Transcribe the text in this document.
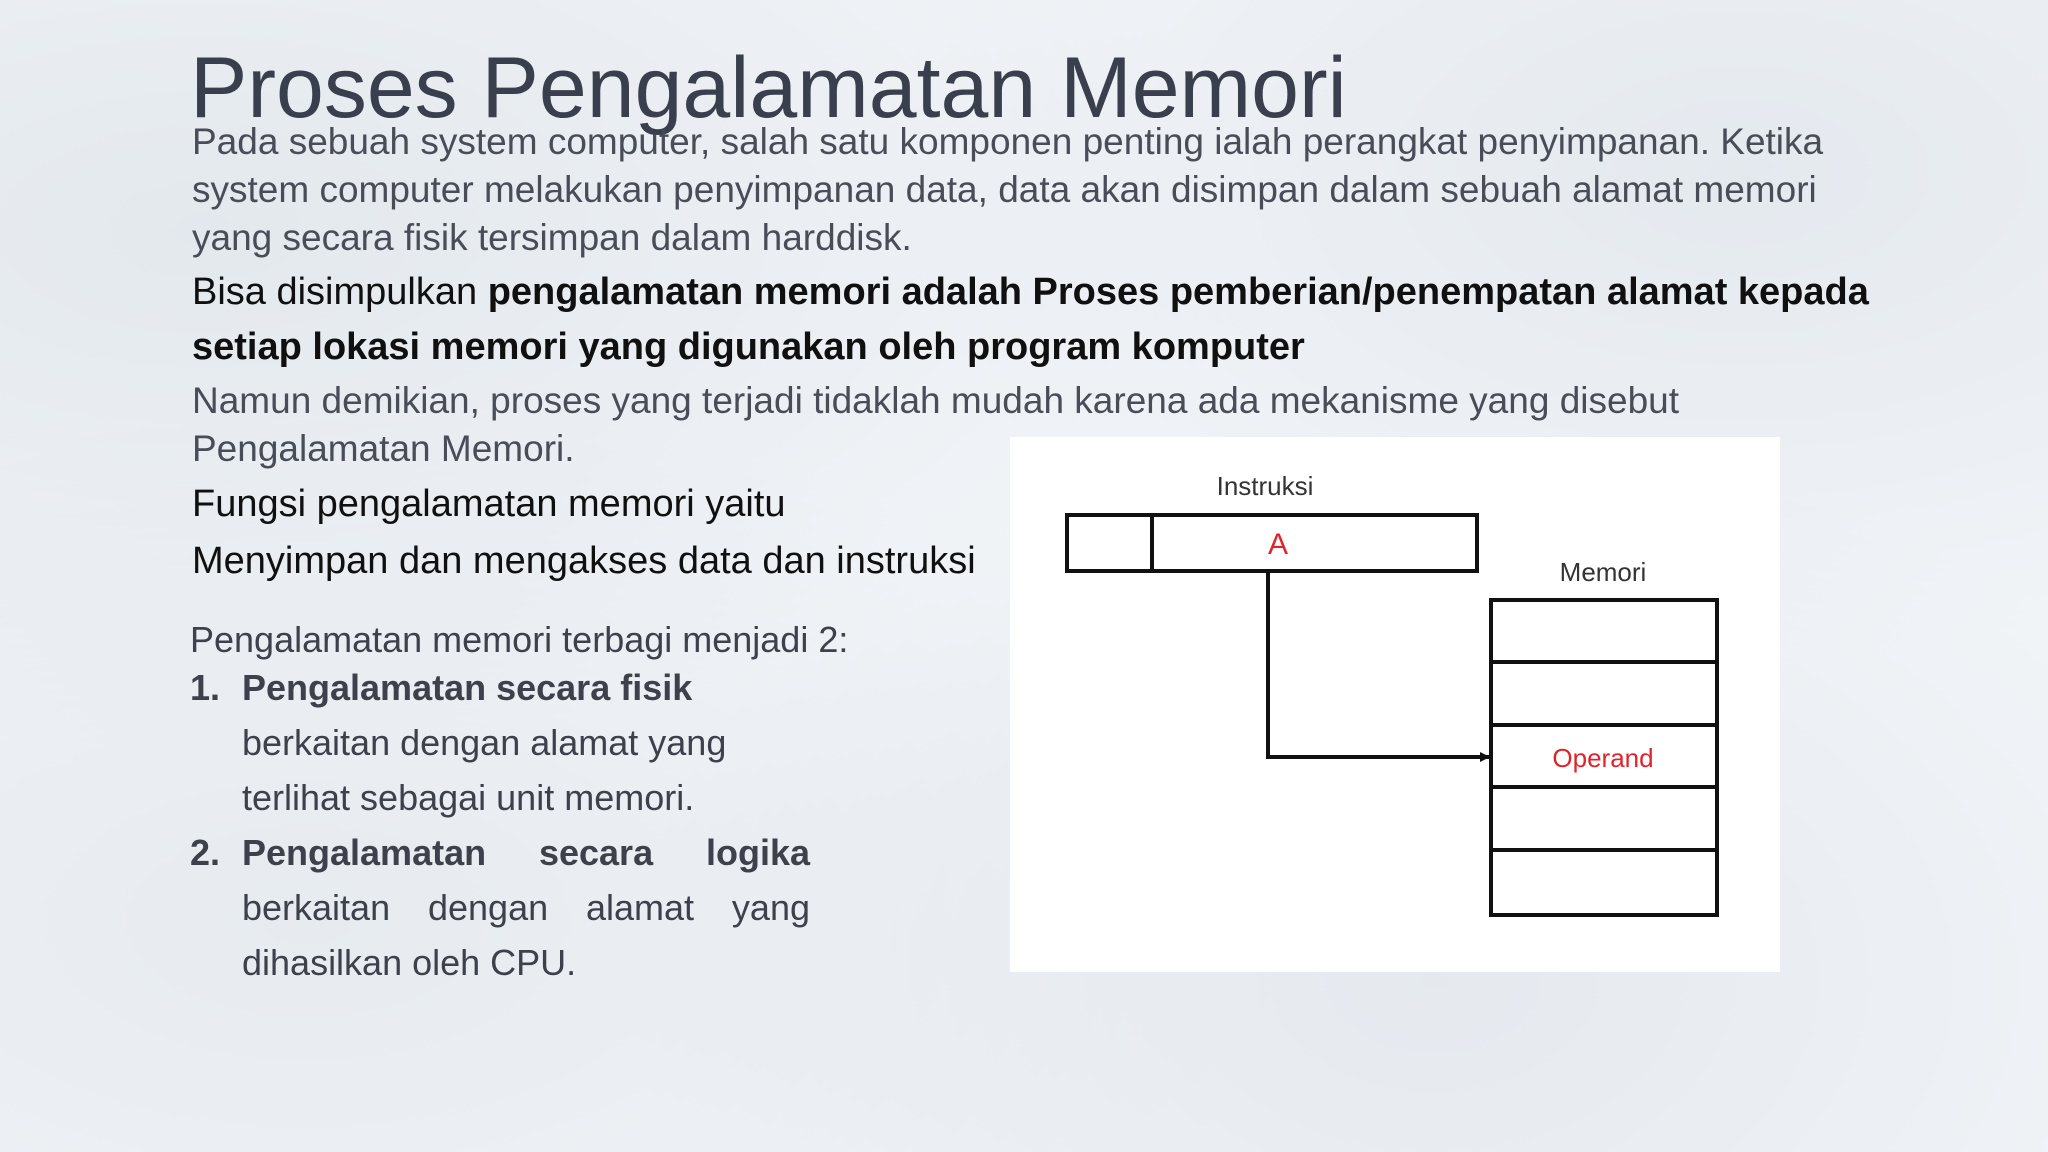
Proses Pengalamatan Memori
Pada sebuah system computer, salah satu komponen penting ialah perangkat penyimpanan. Ketika system computer melakukan penyimpanan data, data akan disimpan dalam sebuah alamat memori yang secara fisik tersimpan dalam harddisk.
Bisa disimpulkan pengalamatan memori adalah Proses pemberian/penempatan alamat kepada setiap lokasi memori yang digunakan oleh program komputer
Namun demikian, proses yang terjadi tidaklah mudah karena ada mekanisme yang disebut Pengalamatan Memori.
Fungsi pengalamatan memori yaitu
Menyimpan dan mengakses data dan instruksi
Pengalamatan memori terbagi menjadi 2:
1. Pengalamatan secara fisik berkaitan dengan alamat yang terlihat sebagai unit memori.
2. Pengalamatan secara logika berkaitan dengan alamat yang dihasilkan oleh CPU.
Instruksi
A
Memori
Operand
